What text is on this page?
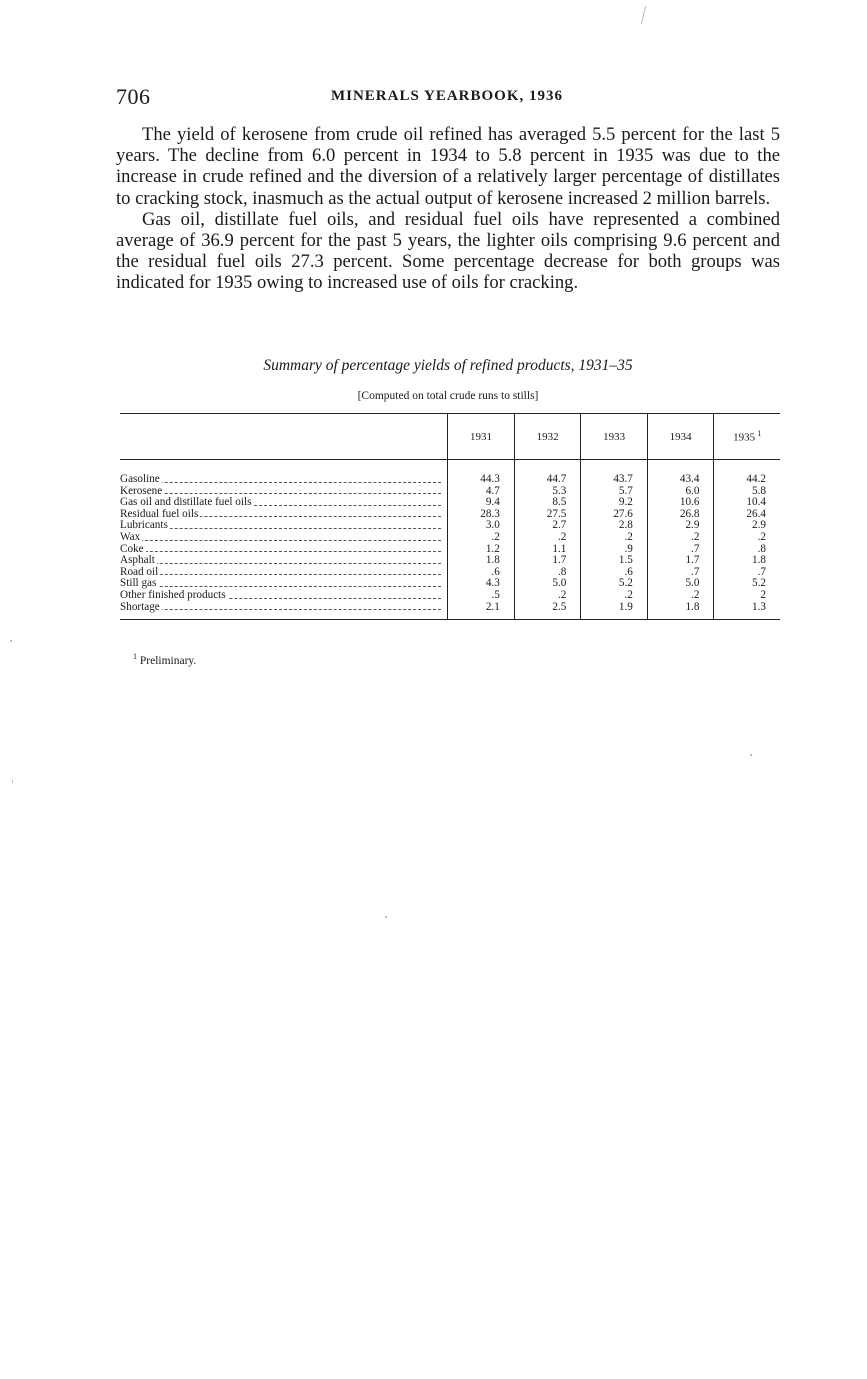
706	MINERALS YEARBOOK, 1936

The yield of kerosene from crude oil refined has averaged 5.5 percent for the last 5 years. The decline from 6.0 percent in 1934 to 5.8 percent in 1935 was due to the increase in crude refined and the diversion of a relatively larger percentage of distillates to cracking stock, inasmuch as the actual output of kerosene increased 2 million barrels.

Gas oil, distillate fuel oils, and residual fuel oils have represented a combined average of 36.9 percent for the past 5 years, the lighter oils comprising 9.6 percent and the residual fuel oils 27.3 percent. Some percentage decrease for both groups was indicated for 1935 owing to increased use of oils for cracking.

Summary of percentage yields of refined products, 1931–35
[Computed on total crude runs to stills]
	1931	1932	1933	1934	1935  $^1$

Gasoline	44.3	44.7	43.7	43.4	44.2

Kerosene	4.7	5.3	5.7	6.0	5.8

Gas oil and distillate fuel oils	9.4	8.5	9.2	10.6	10.4

Residual fuel oils	28.3	27.5	27.6	26.8	26.4

Lubricants	3.0	2.7	2.8	2.9	2.9

Wax	.2	.2	.2	.2	.2

Coke	1.2	1.1	.9	.7	.8

Asphalt	1.8	1.7	1.5	1.7	1.8

Road oil	.6	.8	.6	.7	.7

Still gas	4.3	5.0	5.2	5.0	5.2

Other finished products	.5	.2	.2	.2	2

Shortage	2.1	2.5	1.9	1.8	1.3
$^1$ Preliminary.
